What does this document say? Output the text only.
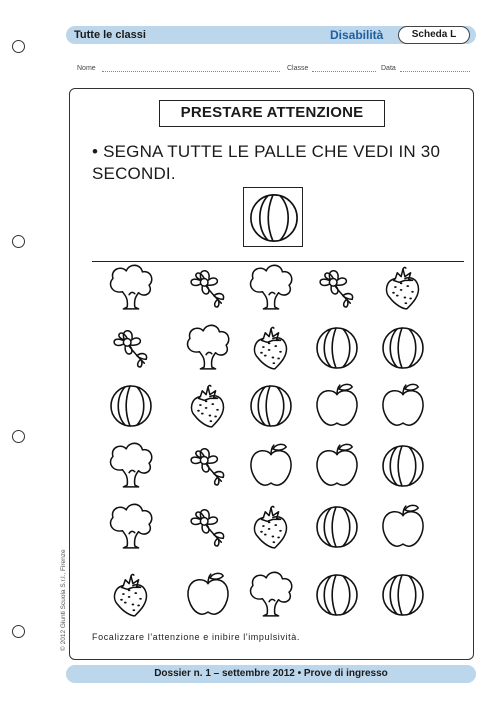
Tutte le classi	Disabilità	Scheda L
Nome	Classe	Data
PRESTARE ATTENZIONE
• SEGNA TUTTE LE PALLE CHE VEDI IN 30 SECONDI.
Focalizzare l'attenzione e inibire l'impulsività.
© 2012 Giunti Scuola S.r.l., Firenze
Dossier n. 1 – settembre 2012 • Prove di ingresso
